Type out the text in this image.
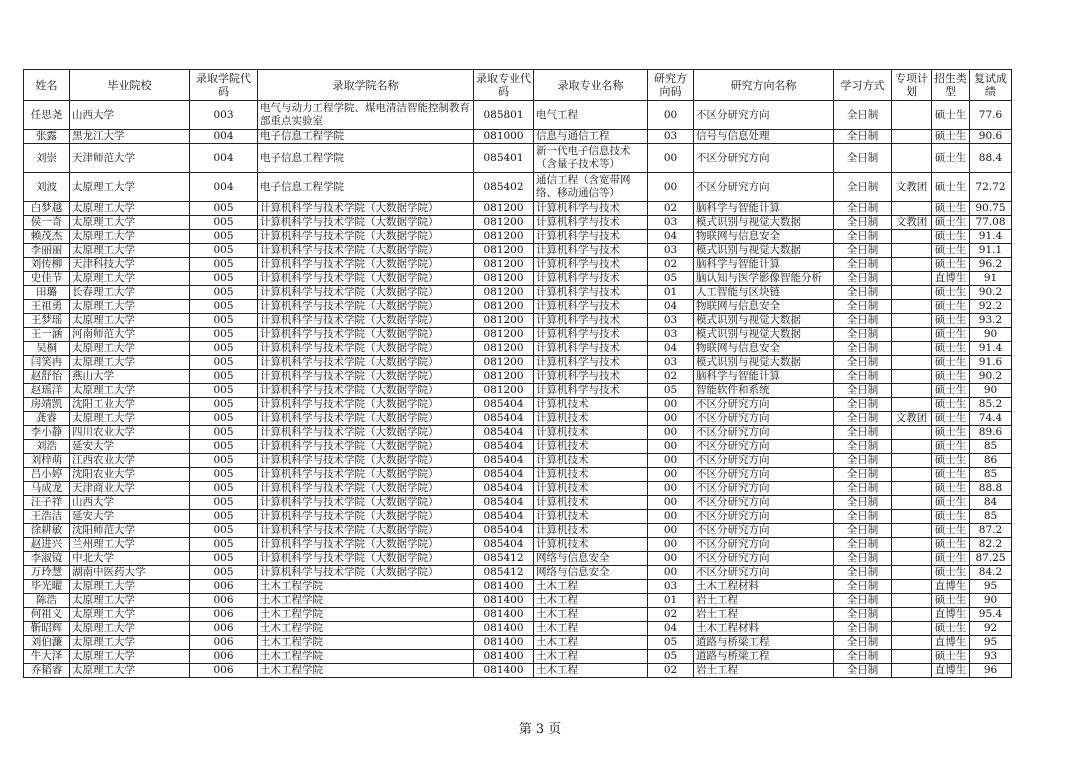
姓名	毕业院校	录取学院代码	录取学院名称	录取专业代码	录取专业名称	研究方向码	研究方向名称	学习方式	专项计划	招生类型	复试成绩
任思尧	山西大学	003	电气与动力工程学院、煤电清洁智能控制教育部重点实验室	085801	电气工程	00	不区分研究方向	全日制		硕士生	77.6
张露	黑龙江大学	004	电子信息工程学院	081000	信息与通信工程	03	信号与信息处理	全日制		硕士生	90.6
刘崇	天津师范大学	004	电子信息工程学院	085401	新一代电子信息技术（含量子技术等）	00	不区分研究方向	全日制		硕士生	88.4
刘波	太原理工大学	004	电子信息工程学院	085402	通信工程（含宽带网络、移动通信等）	00	不区分研究方向	全日制	文教团	硕士生	72.72
白梦越	太原理工大学	005	计算机科学与技术学院（大数据学院）	081200	计算机科学与技术	02	脑科学与智能计算	全日制		硕士生	90.75
侯一奇	太原理工大学	005	计算机科学与技术学院（大数据学院）	081200	计算机科学与技术	03	模式识别与视觉大数据	全日制	文教团	硕士生	77.08
赖茂杰	太原理工大学	005	计算机科学与技术学院（大数据学院）	081200	计算机科学与技术	04	物联网与信息安全	全日制		硕士生	91.4
李丽丽	太原理工大学	005	计算机科学与技术学院（大数据学院）	081200	计算机科学与技术	03	模式识别与视觉大数据	全日制		硕士生	91.1
刘传柳	天津科技大学	005	计算机科学与技术学院（大数据学院）	081200	计算机科学与技术	02	脑科学与智能计算	全日制		硕士生	96.2
史佳节	太原理工大学	005	计算机科学与技术学院（大数据学院）	081200	计算机科学与技术	05	脑认知与医学影像智能分析	全日制		直博生	91
田璐	长春理工大学	005	计算机科学与技术学院（大数据学院）	081200	计算机科学与技术	01	人工智能与区块链	全日制		硕士生	90.2
王祖勇	太原理工大学	005	计算机科学与技术学院（大数据学院）	081200	计算机科学与技术	04	物联网与信息安全	全日制		硕士生	92.2
王梦瑶	太原理工大学	005	计算机科学与技术学院（大数据学院）	081200	计算机科学与技术	03	模式识别与视觉大数据	全日制		硕士生	93.2
王一涵	河南师范大学	005	计算机科学与技术学院（大数据学院）	081200	计算机科学与技术	03	模式识别与视觉大数据	全日制		硕士生	90
吴桐	太原理工大学	005	计算机科学与技术学院（大数据学院）	081200	计算机科学与技术	04	物联网与信息安全	全日制		硕士生	91.4
闫笑冉	太原理工大学	005	计算机科学与技术学院（大数据学院）	081200	计算机科学与技术	03	模式识别与视觉大数据	全日制		硕士生	91.6
赵舒怡	燕山大学	005	计算机科学与技术学院（大数据学院）	081200	计算机科学与技术	02	脑科学与智能计算	全日制		硕士生	90.2
赵瑶洋	太原理工大学	005	计算机科学与技术学院（大数据学院）	081200	计算机科学与技术	05	智能软件和系统	全日制		硕士生	90
房靖凯	沈阳工业大学	005	计算机科学与技术学院（大数据学院）	085404	计算机技术	00	不区分研究方向	全日制		硕士生	85.2
龚睿	太原理工大学	005	计算机科学与技术学院（大数据学院）	085404	计算机技术	00	不区分研究方向	全日制	文教团	硕士生	74.4
李小静	四川农业大学	005	计算机科学与技术学院（大数据学院）	085404	计算机技术	00	不区分研究方向	全日制		硕士生	89.6
刘浩	延安大学	005	计算机科学与技术学院（大数据学院）	085404	计算机技术	00	不区分研究方向	全日制		硕士生	85
刘梓萌	江西农业大学	005	计算机科学与技术学院（大数据学院）	085404	计算机技术	00	不区分研究方向	全日制		硕士生	86
吕小婷	沈阳农业大学	005	计算机科学与技术学院（大数据学院）	085404	计算机技术	00	不区分研究方向	全日制		硕士生	85
马成龙	天津商业大学	005	计算机科学与技术学院（大数据学院）	085404	计算机技术	00	不区分研究方向	全日制		硕士生	88.8
汪子祥	山西大学	005	计算机科学与技术学院（大数据学院）	085404	计算机技术	00	不区分研究方向	全日制		硕士生	84
王浩洁	延安大学	005	计算机科学与技术学院（大数据学院）	085404	计算机技术	00	不区分研究方向	全日制		硕士生	85
徐耕敏	沈阳师范大学	005	计算机科学与技术学院（大数据学院）	085404	计算机技术	00	不区分研究方向	全日制		硕士生	87.2
赵进兴	兰州理工大学	005	计算机科学与技术学院（大数据学院）	085404	计算机技术	00	不区分研究方向	全日制		硕士生	82.2
李淑镜	中北大学	005	计算机科学与技术学院（大数据学院）	085412	网络与信息安全	00	不区分研究方向	全日制		硕士生	87.25
万玲慧	湖南中医药大学	005	计算机科学与技术学院（大数据学院）	085412	网络与信息安全	00	不区分研究方向	全日制		硕士生	84.2
毕光曜	太原理工大学	006	土木工程学院	081400	土木工程	03	土木工程材料	全日制		直博生	95
陈浩	太原理工大学	006	土木工程学院	081400	土木工程	01	岩土工程	全日制		硕士生	90
何祖义	太原理工大学	006	土木工程学院	081400	土木工程	02	岩土工程	全日制		直博生	95.4
靳昭辉	太原理工大学	006	土木工程学院	081400	土木工程	04	土木工程材料	全日制		硕士生	92
刘伯濂	太原理工大学	006	土木工程学院	081400	土木工程	05	道路与桥梁工程	全日制		直博生	95
牛大泽	太原理工大学	006	土木工程学院	081400	土木工程	05	道路与桥梁工程	全日制		硕士生	93
乔韬睿	太原理工大学	006	土木工程学院	081400	土木工程	02	岩土工程	全日制		直博生	96
第 3 页
